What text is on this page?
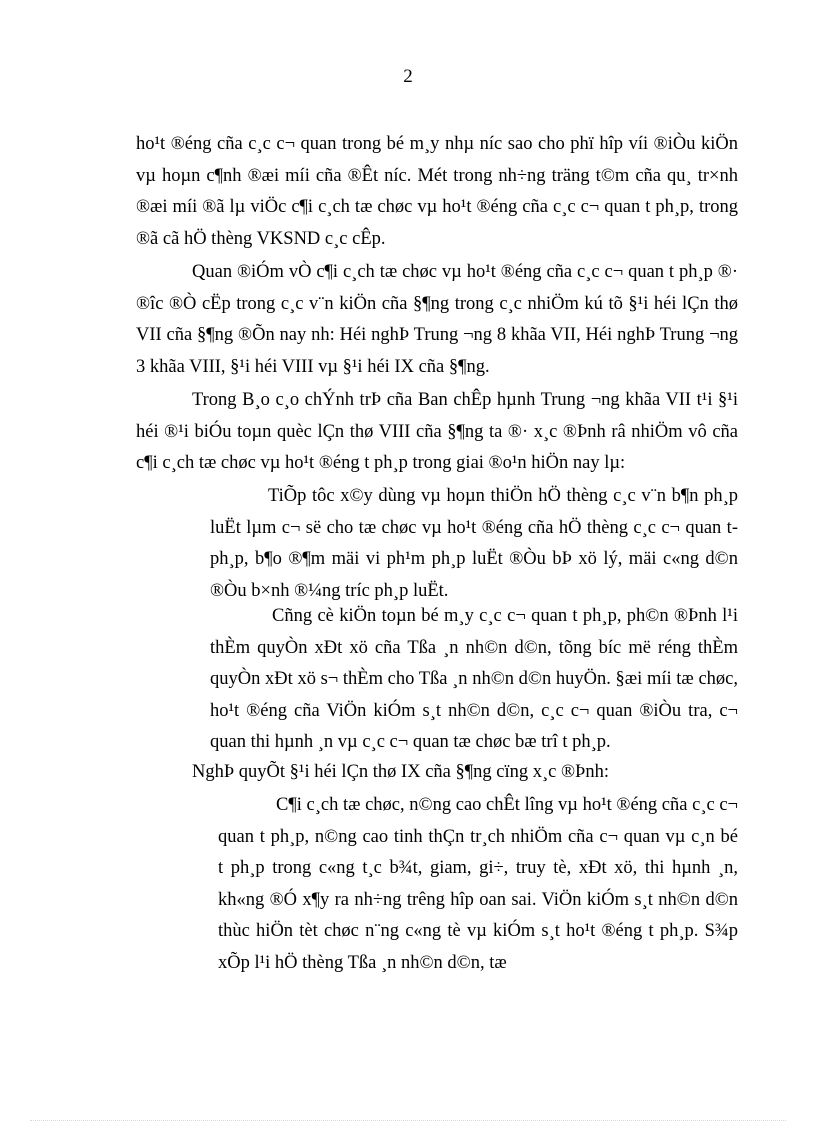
2

ho¹t ®éng cña c¸c c¬ quan trong bé m¸y nhµ níc sao cho phï hîp víi ®iÒu kiÖn vµ hoµn c¶nh ®æi míi cña ®Êt níc. Mét trong nh÷ng träng t©m cña qu¸ tr×nh ®æi míi ®ã lµ viÖc c¶i c¸ch tæ chøc vµ ho¹t ®éng cña c¸c c¬ quan t ph¸p, trong ®ã cã hÖ thèng VKSND c¸c cÊp.

Quan ®iÓm vÒ c¶i c¸ch tæ chøc vµ ho¹t ®éng cña c¸c c¬ quan t ph¸p ®· ®îc ®Ò cËp trong c¸c v¨n kiÖn cña §¶ng trong c¸c nhiÖm kú tõ §¹i héi lÇn thø VII cña §¶ng ®Õn nay nh: Héi nghÞ Trung ¬ng 8 khãa VII, Héi nghÞ Trung ¬ng 3 khãa VIII, §¹i héi VIII vµ §¹i héi IX cña §¶ng.

Trong B¸o c¸o chÝnh trÞ cña Ban chÊp hµnh Trung ¬ng khãa VII t¹i §¹i héi ®¹i biÓu toµn quèc lÇn thø VIII cña §¶ng ta ®· x¸c ®Þnh râ nhiÖm vô cña c¶i c¸ch tæ chøc vµ ho¹t ®éng t ph¸p trong giai ®o¹n hiÖn nay lµ:

TiÕp tôc x©y dùng vµ hoµn thiÖn hÖ thèng c¸c v¨n b¶n ph¸p luËt lµm c¬ së cho tæ chøc vµ ho¹t ®éng cña hÖ thèng c¸c c¬ quan t ph¸p, b¶o ®¶m mäi vi ph¹m ph¸p luËt ®Òu bÞ xö lý, mäi c«ng d©n ®Òu b×nh ®¼ng tríc ph¸p luËt.

Cñng cè kiÖn toµn bé m¸y c¸c c¬ quan t ph¸p, ph©n ®Þnh l¹i thÈm quyÒn xÐt xö cña Tßa ¸n nh©n d©n, tõng bíc më réng thÈm quyÒn xÐt xö s¬ thÈm cho Tßa ¸n nh©n d©n huyÖn. §æi míi tæ chøc, ho¹t ®éng cña ViÖn kiÓm s¸t nh©n d©n, c¸c c¬ quan ®iÒu tra, c¬ quan thi hµnh ¸n vµ c¸c c¬ quan tæ chøc bæ trî t ph¸p.

NghÞ quyÕt §¹i héi lÇn thø IX cña §¶ng cïng x¸c ®Þnh:

C¶i c¸ch tæ chøc, n©ng cao chÊt lîng vµ ho¹t ®éng cña c¸c c¬ quan t ph¸p, n©ng cao tinh thÇn tr¸ch nhiÖm cña c¬ quan vµ c¸n bé t ph¸p trong c«ng t¸c b¾t, giam, gi÷, truy tè, xÐt xö, thi hµnh ¸n, kh«ng ®Ó x¶y ra nh÷ng trêng hîp oan sai. ViÖn kiÓm s¸t nh©n d©n thùc hiÖn tèt chøc n¨ng c«ng tè vµ kiÓm s¸t ho¹t ®éng t ph¸p. S¾p xÕp l¹i hÖ thèng Tßa ¸n nh©n d©n, tæ
